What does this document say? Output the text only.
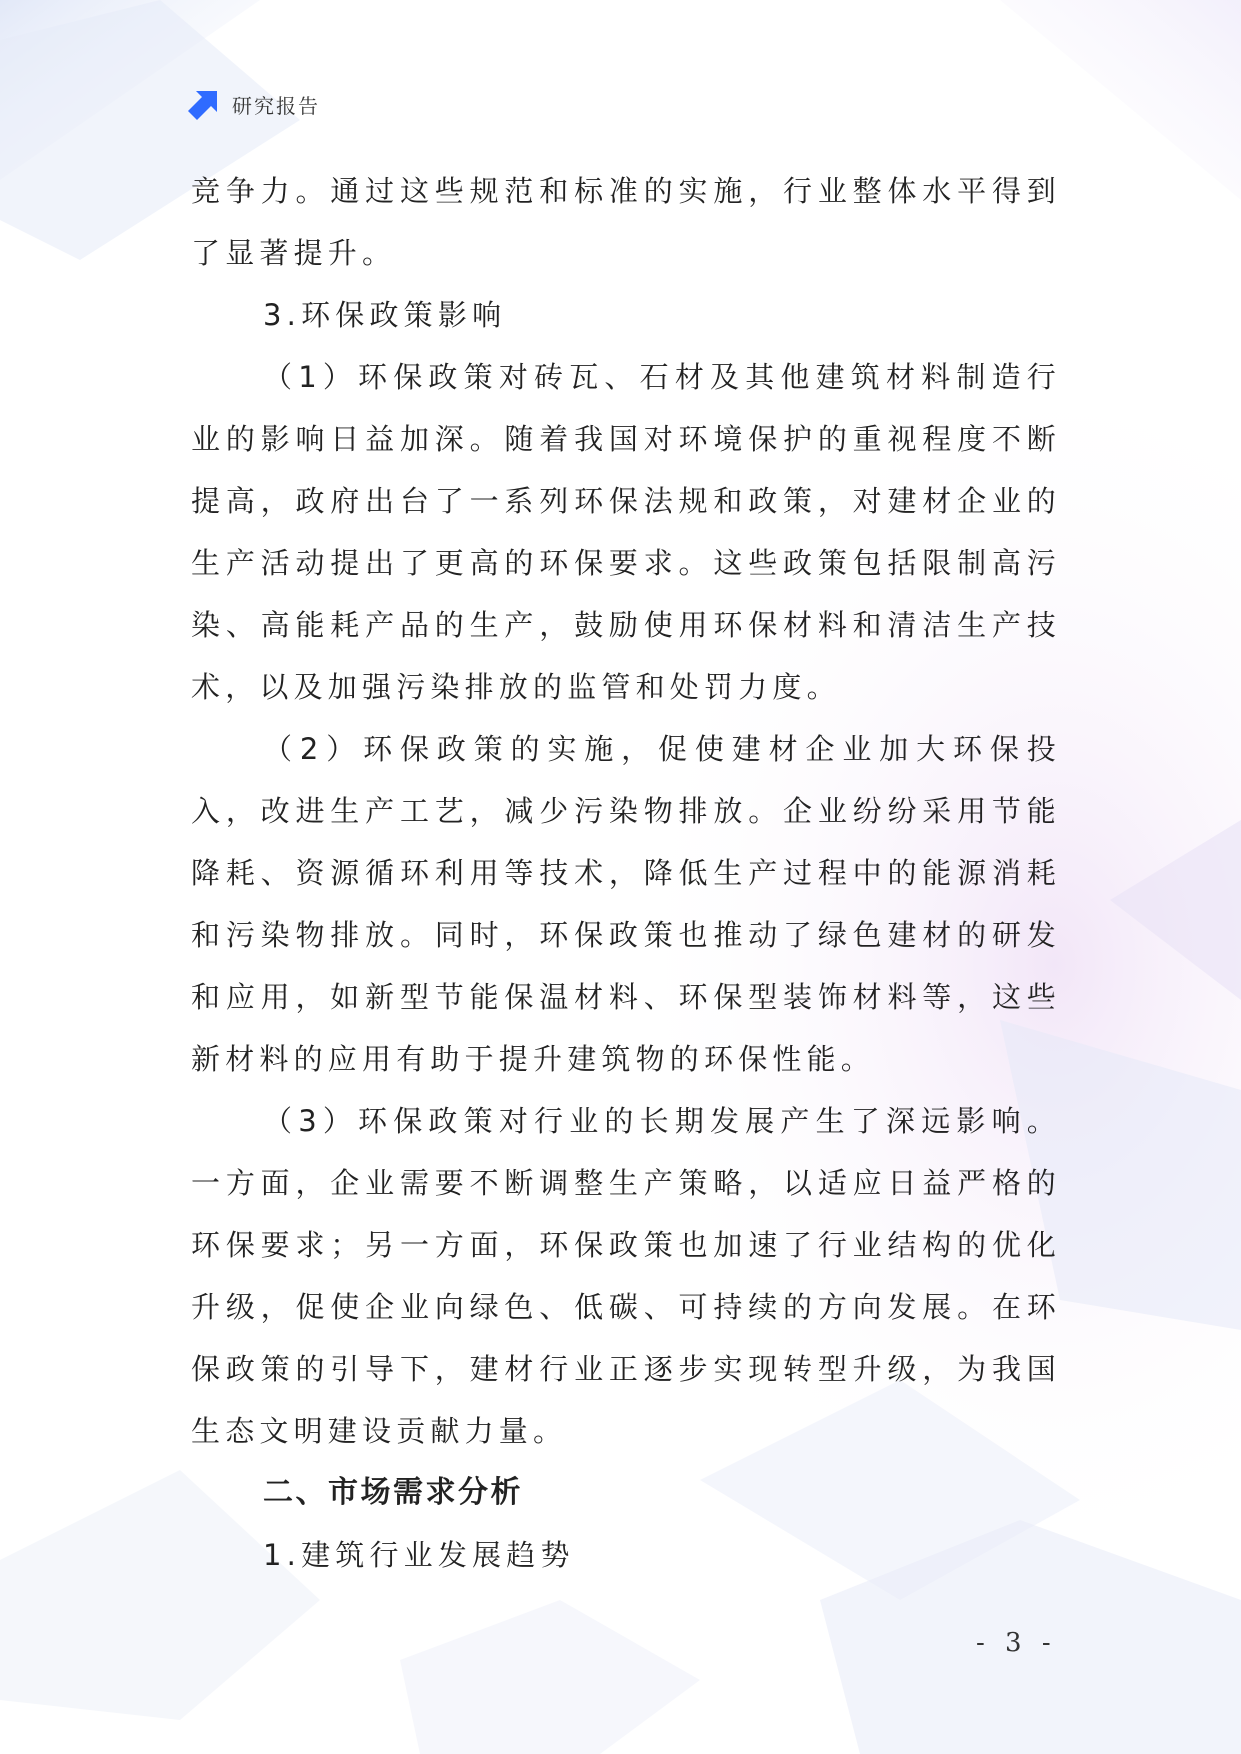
研究报告

竞争力。通过这些规范和标准的实施，行业整体水平得到了显著提升。

3.环保政策影响

（1）环保政策对砖瓦、石材及其他建筑材料制造行业的影响日益加深。随着我国对环境保护的重视程度不断提高，政府出台了一系列环保法规和政策，对建材企业的生产活动提出了更高的环保要求。这些政策包括限制高污染、高能耗产品的生产，鼓励使用环保材料和清洁生产技术，以及加强污染排放的监管和处罚力度。

（2）环保政策的实施，促使建材企业加大环保投入，改进生产工艺，减少污染物排放。企业纷纷采用节能降耗、资源循环利用等技术，降低生产过程中的能源消耗和污染物排放。同时，环保政策也推动了绿色建材的研发和应用，如新型节能保温材料、环保型装饰材料等，这些新材料的应用有助于提升建筑物的环保性能。

（3）环保政策对行业的长期发展产生了深远影响。一方面，企业需要不断调整生产策略，以适应日益严格的环保要求；另一方面，环保政策也加速了行业结构的优化升级，促使企业向绿色、低碳、可持续的方向发展。在环保政策的引导下，建材行业正逐步实现转型升级，为我国生态文明建设贡献力量。

二、市场需求分析

1.建筑行业发展趋势

- 3 -
